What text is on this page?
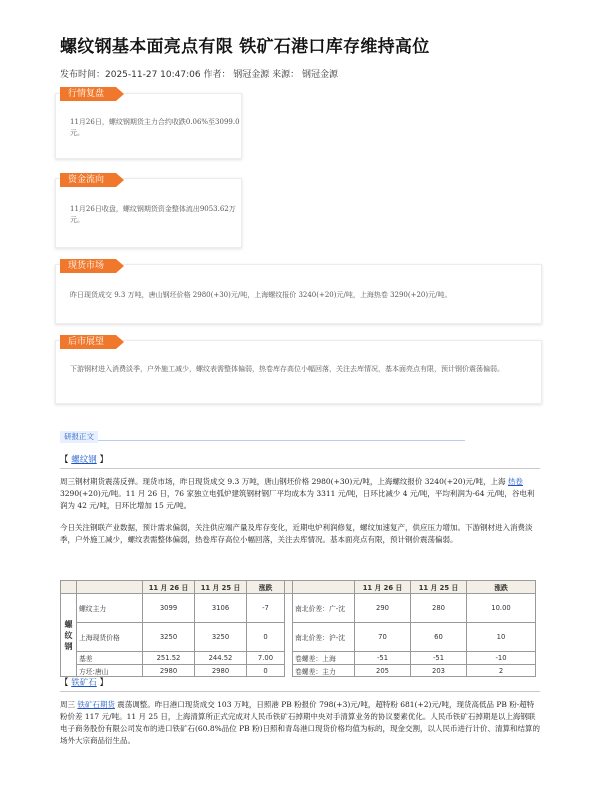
螺纹钢基本面亮点有限 铁矿石港口库存维持高位
发布时间：2025-11-27 10:47:06 作者： 钢冠金源 来源： 钢冠金源
行情复盘
11月26日，螺纹钢期货主力合约收跌0.06%至3099.0元。
资金流向
11月26日收盘，螺纹钢期货资金整体流出9053.62万元。
现货市场
昨日现货成交 9.3 万吨，唐山钢坯价格 2980(+30)元/吨，上海螺纹报价 3240(+20)元/吨，上海热卷 3290(+20)元/吨。
后市展望
下游钢材进入消费淡季，户外施工减少，螺纹表需整体偏弱，热卷库存高位小幅回落，关注去库情况，基本面亮点有限，预计钢价震荡偏弱。
研报正文
【 螺纹钢 】
周三钢材期货震荡反弹。现货市场，昨日现货成交 9.3 万吨，唐山钢坯价格 2980(+30)元/吨，上海螺纹报价 3240(+20)元/吨，上海 热卷 3290(+20)元/吨。11 月 26 日，76 家独立电弧炉建筑钢材钢厂平均成本为 3311 元/吨，日环比减少 4 元/吨，平均利润为-64 元/吨，谷电利润为 42 元/吨，日环比增加 15 元/吨。
今日关注钢联产业数据，预计需求偏弱，关注供应端产量及库存变化，近期电炉利润修复，螺纹加速复产，供应压力增加。下游钢材进入消费淡季，户外施工减少，螺纹表需整体偏弱，热卷库存高位小幅回落，关注去库情况。基本面亮点有限，预计钢价震荡偏弱。
		11 月 26 日	11 月 25 日	涨跌			11 月 26 日	11 月 25 日	涨跌
螺纹钢	螺纹主力	3099	3106	-7		南北价差：广-沈	290	280	10.00
	上海现货价格	3250	3250	0		南北价差：沪-沈	70	60	10
	基差	251.52	244.52	7.00		卷螺差：上海	-51	-51	-10
	方坯:唐山	2980	2980	0		卷螺差：主力	205	203	2
【 铁矿石 】
周三 铁矿石期货 震荡调整。昨日港口现货成交 103 万吨，日照港 PB 粉报价 798(+3)元/吨，超特粉 681(+2)元/吨，现货高低品 PB 粉-超特粉价差 117 元/吨。11 月 25 日，上海清算所正式完成对人民币铁矿石掉期中央对手清算业务的协议要素优化。人民币铁矿石掉期是以上海钢联电子商务股份有限公司发布的进口铁矿石(60.8%品位 PB 粉)日照和青岛港口现货价格均值为标的，现金交割，以人民币进行计价、清算和结算的场外大宗商品衍生品。
